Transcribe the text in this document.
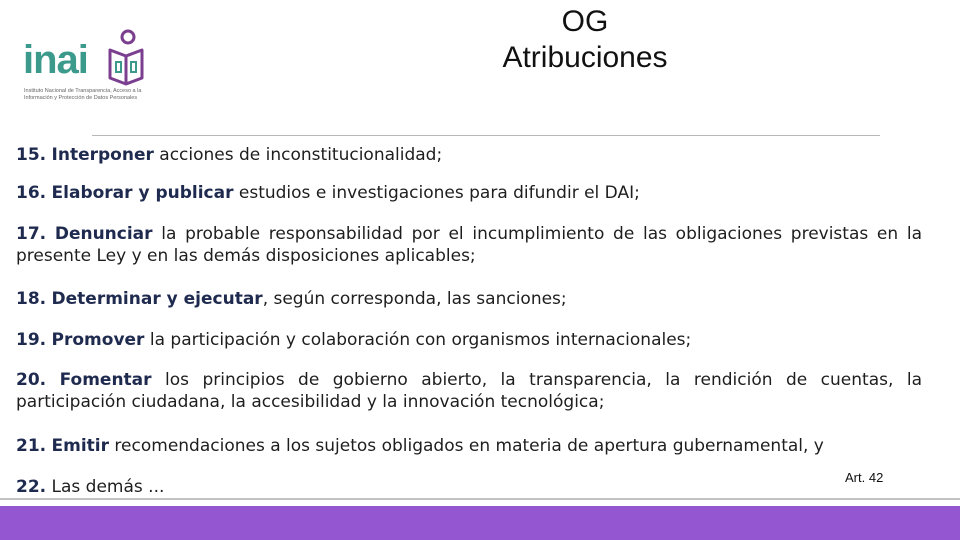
inai
Instituto Nacional de Transparencia, Acceso a la Información y Protección de Datos Personales
OG
Atribuciones
15. Interponer acciones de inconstitucionalidad;
16. Elaborar y publicar estudios e investigaciones para difundir el DAI;
17. Denunciar la probable responsabilidad por el incumplimiento de las obligaciones previstas en la presente Ley y en las demás disposiciones aplicables;
18. Determinar y ejecutar, según corresponda, las sanciones;
19. Promover la participación y colaboración con organismos internacionales;
20. Fomentar los principios de gobierno abierto, la transparencia, la rendición de cuentas, la participación ciudadana, la accesibilidad y la innovación tecnológica;
21. Emitir recomendaciones a los sujetos obligados en materia de apertura gubernamental, y
22. Las demás ...	Art. 42
